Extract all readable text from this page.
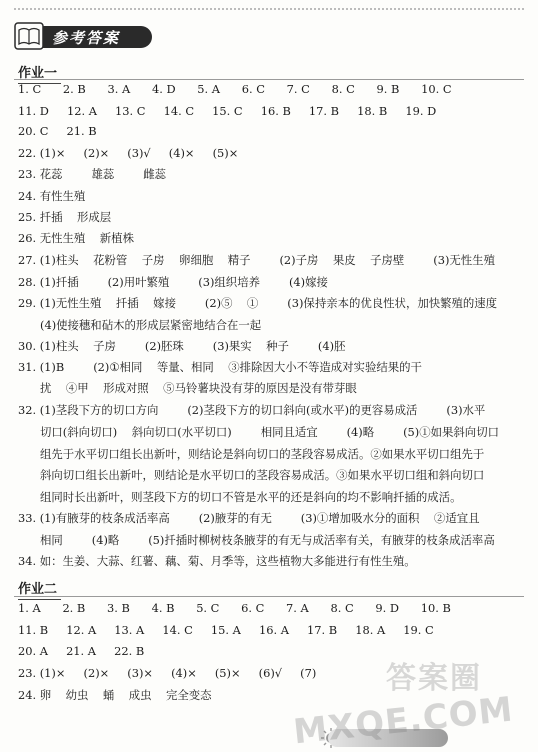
参考答案
作业一
1. C      2. B      3. A      4. D      5. A      6. C      7. C      8. C      9. B      10. C
11. D     12. A     13. C     14. C     15. C     16. B     17. B     18. B     19. D
20. C     21. B
22. (1)×     (2)×     (3)√     (4)×     (5)×
23. 花蕊        雄蕊        雌蕊
24. 有性生殖
25. 扦插    形成层
26. 无性生殖    新植株
27. (1)柱头    花粉管    子房    卵细胞    精子        (2)子房    果皮    子房壁        (3)无性生殖
28. (1)扦插        (2)用叶繁殖        (3)组织培养        (4)嫁接
29. (1)无性生殖    扦插    嫁接        (2)⑤    ①        (3)保持亲本的优良性状，加快繁殖的速度
(4)使接穗和砧木的形成层紧密地结合在一起
30. (1)柱头    子房        (2)胚珠        (3)果实    种子        (4)胚
31. (1)B        (2)①相同    等量、相同    ③排除因大小不等造成对实验结果的干
扰    ④甲    形成对照    ⑤马铃薯块没有芽的原因是没有带芽眼
32. (1)茎段下方的切口方向        (2)茎段下方的切口斜向(或水平)的更容易成活        (3)水平
切口(斜向切口)    斜向切口(水平切口)        相同且适宜        (4)略        (5)①如果斜向切口
组先于水平切口组长出新叶，则结论是斜向切口的茎段容易成活。②如果水平切口组先于
斜向切口组长出新叶，则结论是水平切口的茎段容易成活。③如果水平切口组和斜向切口
组同时长出新叶，则茎段下方的切口不管是水平的还是斜向的均不影响扦插的成活。
33. (1)有腋芽的枝条成活率高        (2)腋芽的有无        (3)①增加吸水分的面积    ②适宜且
相同        (4)略        (5)扦插时柳树枝条腋芽的有无与成活率有关，有腋芽的枝条成活率高
34. 如：生姜、大蒜、红薯、藕、菊、月季等，这些植物大多能进行有性生殖。
作业二
1. A      2. B      3. B      4. B      5. C      6. C      7. A      8. C      9. D      10. B
11. B     12. A     13. A     14. C     15. A     16. A     17. B     18. A     19. C
20. A     21. A     22. B
23. (1)×     (2)×     (3)×     (4)×     (5)×     (6)√     (7)
24. 卵    幼虫    蛹    成虫    完全变态	答案圈
MXQE.COM
